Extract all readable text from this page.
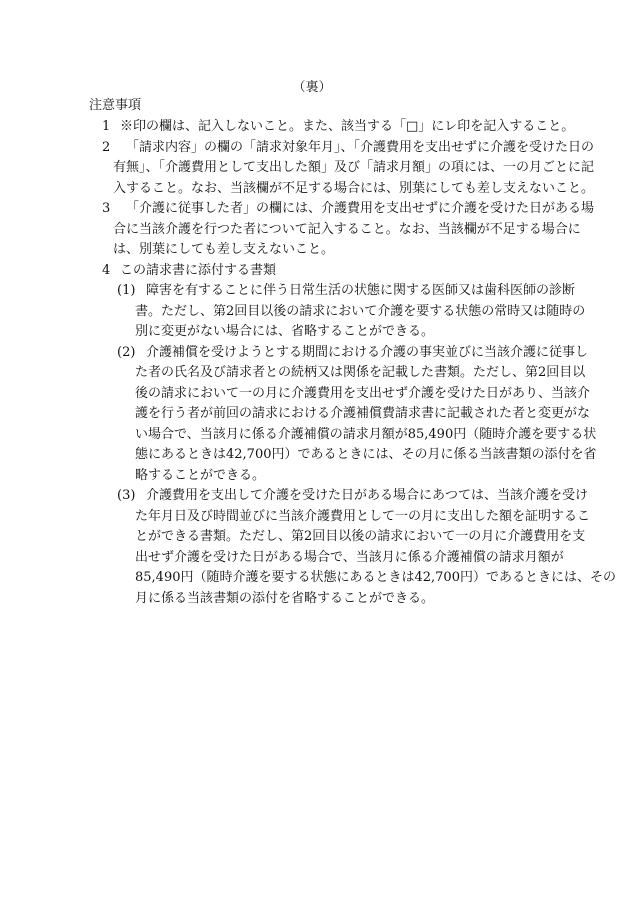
（裏）
注意事項
1 ※印の欄は、記入しないこと。また、該当する「□」にレ印を記入すること。
2 「請求内容」の欄の「請求対象年月」、「介護費用を支出せずに介護を受けた日の
有無」、「介護費用として支出した額」及び「請求月額」の項には、一の月ごとに記
入すること。なお、当該欄が不足する場合には、別葉にしても差し支えないこと。
3 「介護に従事した者」の欄には、介護費用を支出せずに介護を受けた日がある場
合に当該介護を行つた者について記入すること。なお、当該欄が不足する場合に
は、別葉にしても差し支えないこと。
4 この請求書に添付する書類
(1) 障害を有することに伴う日常生活の状態に関する医師又は歯科医師の診断
書。ただし、第2回目以後の請求において介護を要する状態の常時又は随時の
別に変更がない場合には、省略することができる。
(2) 介護補償を受けようとする期間における介護の事実並びに当該介護に従事し
た者の氏名及び請求者との続柄又は関係を記載した書類。ただし、第2回目以
後の請求において一の月に介護費用を支出せず介護を受けた日があり、当該介
護を行う者が前回の請求における介護補償費請求書に記載された者と変更がな
い場合で、当該月に係る介護補償の請求月額が85,490円（随時介護を要する状
態にあるときは42,700円）であるときには、その月に係る当該書類の添付を省
略することができる。
(3) 介護費用を支出して介護を受けた日がある場合にあつては、当該介護を受け
た年月日及び時間並びに当該介護費用として一の月に支出した額を証明するこ
とができる書類。ただし、第2回目以後の請求において一の月に介護費用を支
出せず介護を受けた日がある場合で、当該月に係る介護補償の請求月額が
85,490円（随時介護を要する状態にあるときは42,700円）であるときには、その
月に係る当該書類の添付を省略することができる。
